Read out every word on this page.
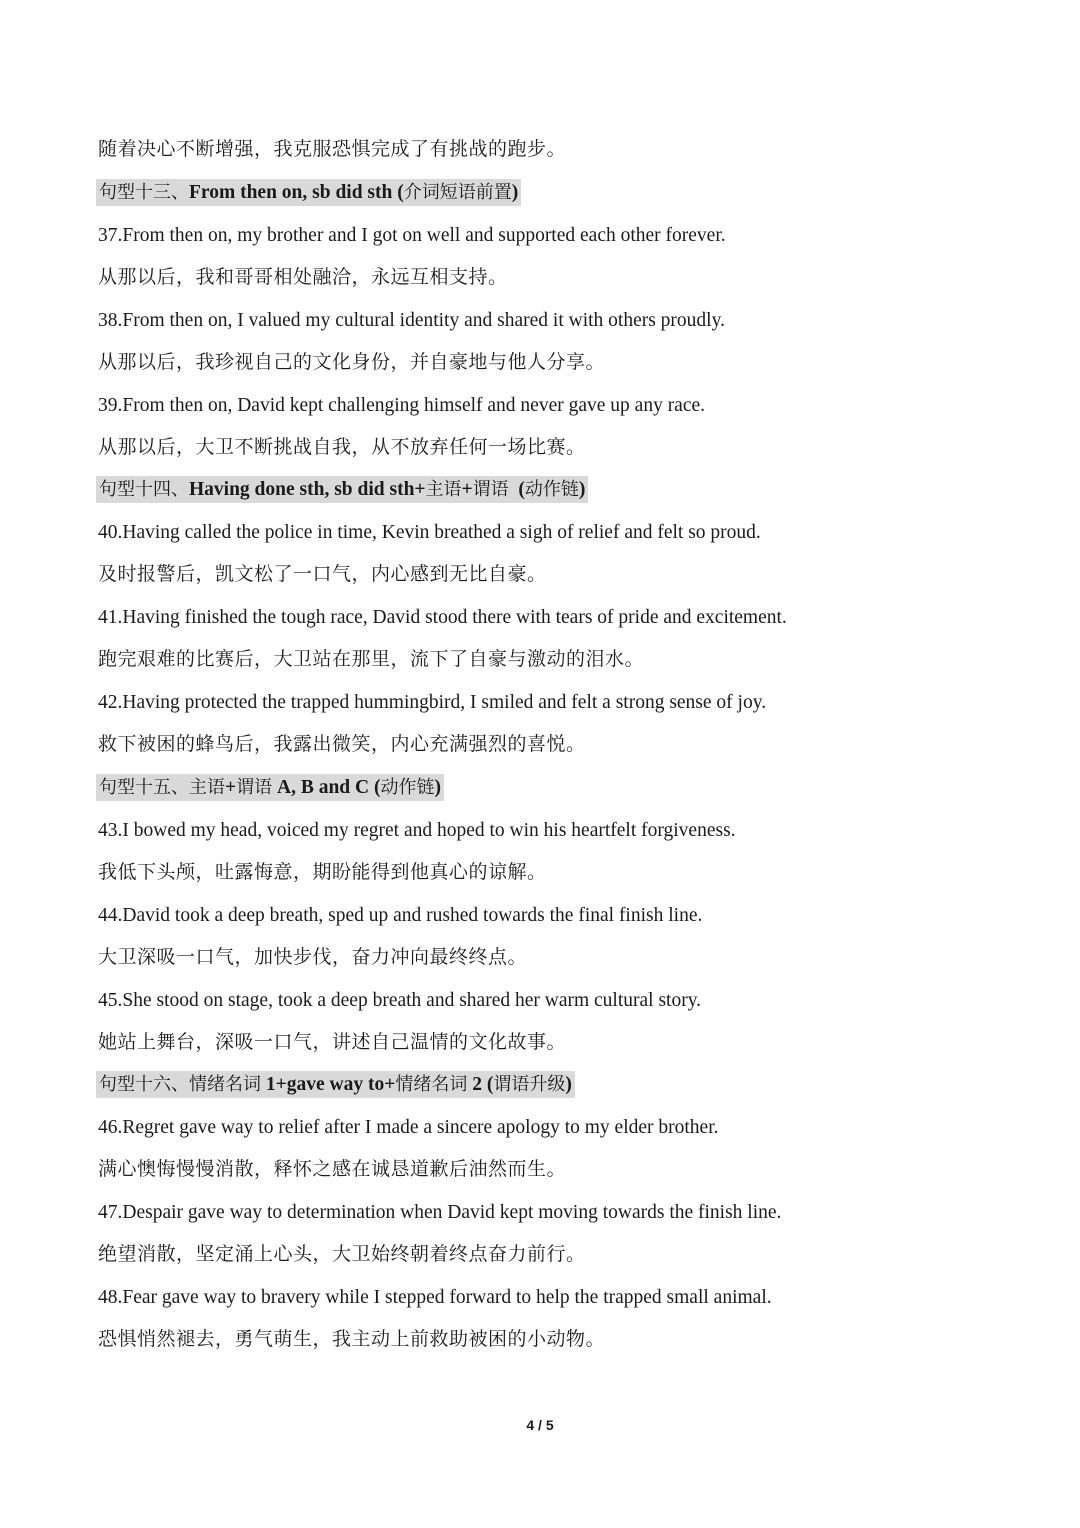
随着决心不断增强，我克服恐惧完成了有挑战的跑步。
句型十三、From then on, sb did sth (介词短语前置)
37.From then on, my brother and I got on well and supported each other forever.
从那以后，我和哥哥相处融洽，永远互相支持。
38.From then on, I valued my cultural identity and shared it with others proudly.
从那以后，我珍视自己的文化身份，并自豪地与他人分享。
39.From then on, David kept challenging himself and never gave up any race.
从那以后，大卫不断挑战自我，从不放弃任何一场比赛。
句型十四、Having done sth, sb did sth+主语+谓语  (动作链)
40.Having called the police in time, Kevin breathed a sigh of relief and felt so proud.
及时报警后，凯文松了一口气，内心感到无比自豪。
41.Having finished the tough race, David stood there with tears of pride and excitement.
跑完艰难的比赛后，大卫站在那里，流下了自豪与激动的泪水。
42.Having protected the trapped hummingbird, I smiled and felt a strong sense of joy.
救下被困的蜂鸟后，我露出微笑，内心充满强烈的喜悦。
句型十五、主语+谓语 A, B and C (动作链)
43.I bowed my head, voiced my regret and hoped to win his heartfelt forgiveness.
我低下头颅，吐露悔意，期盼能得到他真心的谅解。
44.David took a deep breath, sped up and rushed towards the final finish line.
大卫深吸一口气，加快步伐，奋力冲向最终终点。
45.She stood on stage, took a deep breath and shared her warm cultural story.
她站上舞台，深吸一口气，讲述自己温情的文化故事。
句型十六、情绪名词 1+gave way to+情绪名词 2 (谓语升级)
46.Regret gave way to relief after I made a sincere apology to my elder brother.
满心懊悔慢慢消散，释怀之感在诚恳道歉后油然而生。
47.Despair gave way to determination when David kept moving towards the finish line.
绝望消散，坚定涌上心头，大卫始终朝着终点奋力前行。
48.Fear gave way to bravery while I stepped forward to help the trapped small animal.
恐惧悄然褪去，勇气萌生，我主动上前救助被困的小动物。
4 / 5
